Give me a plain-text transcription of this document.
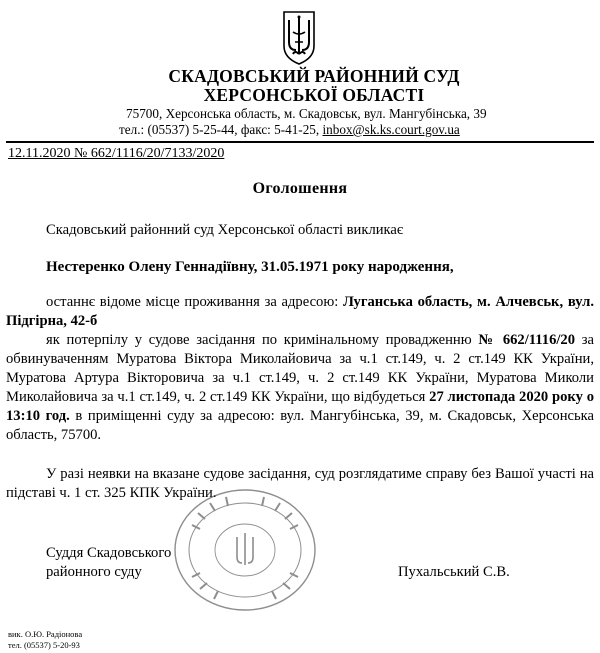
СКАДОВСЬКИЙ РАЙОННИЙ СУД
ХЕРСОНСЬКОЇ ОБЛАСТІ
75700, Херсонська область, м. Скадовськ, вул. Мангубінська, 39
тел.: (05537) 5-25-44, факс: 5-41-25, inbox@sk.ks.court.gov.ua
12.11.2020 № 662/1116/20/7133/2020
Оголошення
Скадовський районний суд Херсонської області викликає
Нестеренко Олену Геннадіївну, 31.05.1971 року народження,
останнє відоме місце проживання за адресою: Луганська область, м. Алчевськ, вул. Підгірна, 42-б
як потерпілу у судове засідання по кримінальному провадженню № 662/1116/20 за обвинуваченням Муратова Віктора Миколайовича за ч.1 ст.149, ч. 2 ст.149 КК України, Муратова Артура Вікторовича за ч.1 ст.149, ч. 2 ст.149 КК України, Муратова Миколи Миколайовича за ч.1 ст.149, ч. 2 ст.149 КК України, що відбудеться 27 листопада 2020 року о 13:10 год. в приміщенні суду за адресою: вул. Мангубінська, 39, м. Скадовськ, Херсонська область, 75700.
У разі неявки на вказане судове засідання, суд розглядатиме справу без Вашої участі на підставі ч. 1 ст. 325 КПК України.
Суддя Скадовського
районного суду	Пухальський С.В.
вик. О.Ю. Радіонова
тел. (05537) 5-20-93
